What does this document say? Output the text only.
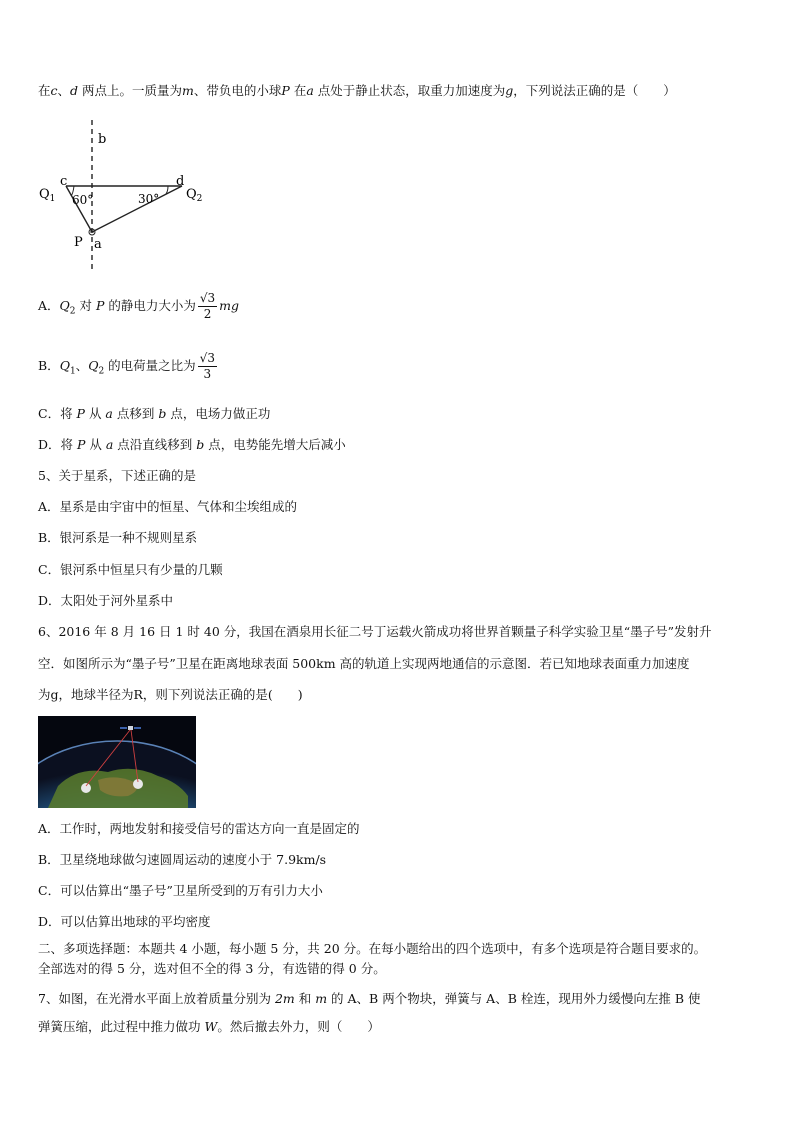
在c、d 两点上。一质量为m、带负电的小球P 在a 点处于静止状态，取重力加速度为g，下列说法正确的是（　　）
b
c	d
$Q_1$	$Q_2$
60°	30°
P a
A．$Q_2$ 对 P 的静电力大小为 $\frac{√3}{2}$ mg
B．$Q_1$、$Q_2$ 的电荷量之比为 $\frac{√3}{3}$
C．将 P 从 a 点移到 b 点，电场力做正功
D．将 P 从 a 点沿直线移到 b 点，电势能先增大后减小
5、关于星系，下述正确的是
A．星系是由宇宙中的恒星、气体和尘埃组成的
B．银河系是一种不规则星系
C．银河系中恒星只有少量的几颗
D．太阳处于河外星系中
6、2016 年 8 月 16 日 1 时 40 分，我国在酒泉用长征二号丁运载火箭成功将世界首颗量子科学实验卫星“墨子号”发射升
空．如图所示为“墨子号”卫星在距离地球表面 500km 高的轨道上实现两地通信的示意图．若已知地球表面重力加速度
为g，地球半径为R，则下列说法正确的是(　　)
A．工作时，两地发射和接受信号的雷达方向一直是固定的
B．卫星绕地球做匀速圆周运动的速度小于 7.9km/s
C．可以估算出“墨子号”卫星所受到的万有引力大小
D．可以估算出地球的平均密度
二、多项选择题：本题共 4 小题，每小题 5 分，共 20 分。在每小题给出的四个选项中，有多个选项是符合题目要求的。
全部选对的得 5 分，选对但不全的得 3 分，有选错的得 0 分。
7、如图，在光滑水平面上放着质量分别为 2m 和 m 的 A、B 两个物块，弹簧与 A、B 栓连，现用外力缓慢向左推 B 使
弹簧压缩，此过程中推力做功 W。然后撤去外力，则（　　）
